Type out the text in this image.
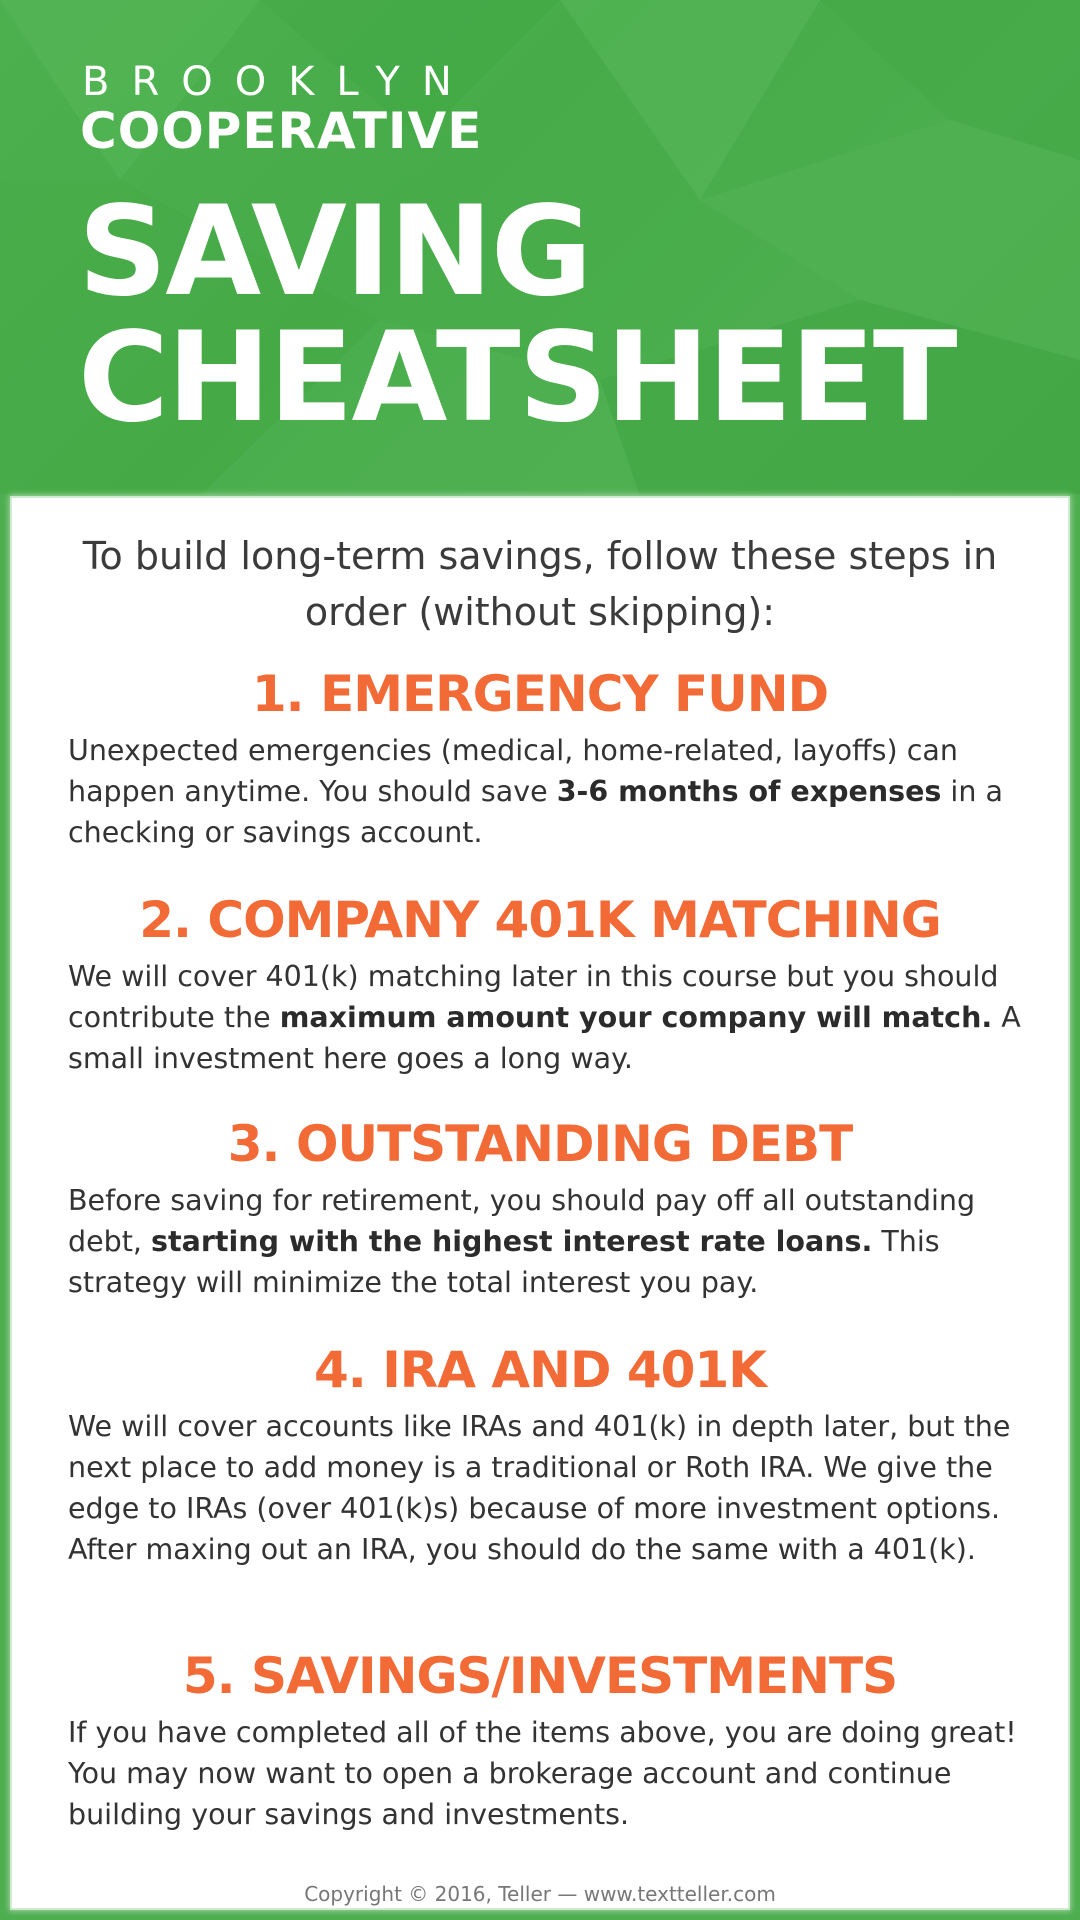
BROOKLYN
COOPERATIVE
SAVING
CHEATSHEET
To build long-term savings, follow these steps in order (without skipping):
1. EMERGENCY FUND
Unexpected emergencies (medical, home-related, layoffs) can happen anytime. You should save 3-6 months of expenses in a checking or savings account.
2. COMPANY 401K MATCHING
We will cover 401(k) matching later in this course but you should contribute the maximum amount your company will match. A small investment here goes a long way.
3. OUTSTANDING DEBT
Before saving for retirement, you should pay off all outstanding debt, starting with the highest interest rate loans. This strategy will minimize the total interest you pay.
4. IRA AND 401K
We will cover accounts like IRAs and 401(k) in depth later, but the next place to add money is a traditional or Roth IRA. We give the edge to IRAs (over 401(k)s) because of more investment options. After maxing out an IRA, you should do the same with a 401(k).
5. SAVINGS/INVESTMENTS
If you have completed all of the items above, you are doing great! You may now want to open a brokerage account and continue building your savings and investments.
Copyright © 2016, Teller — www.textteller.com
